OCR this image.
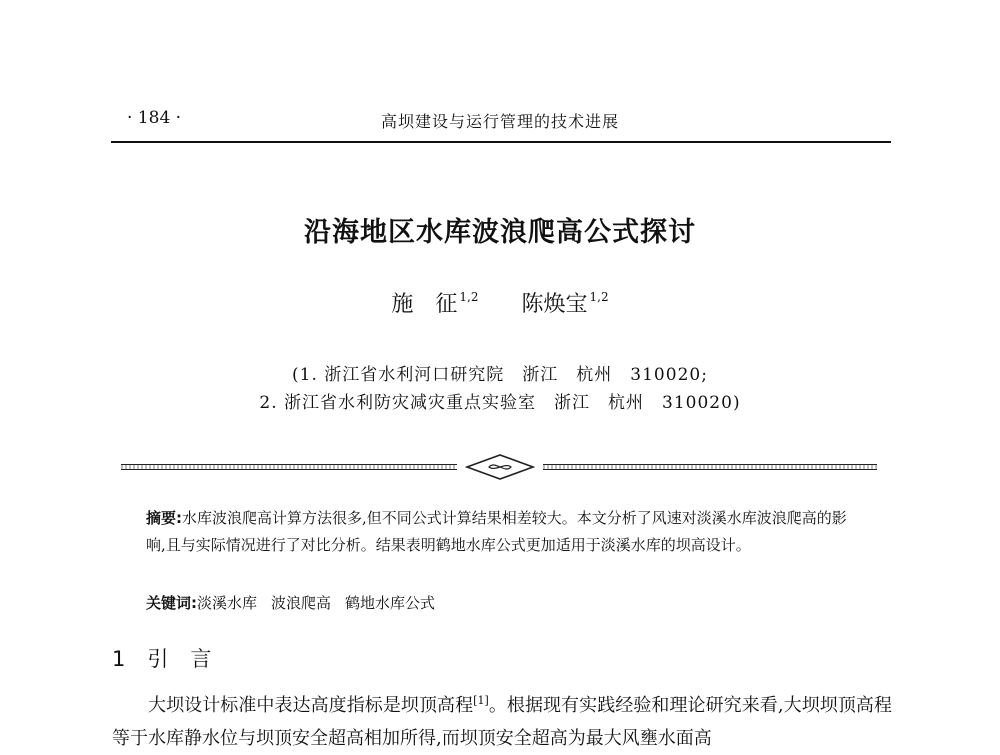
· 184 ·	高坝建设与运行管理的技术进展
沿海地区水库波浪爬高公式探讨
施　征 $^{1,2}$ 陈焕宝 $^{1,2}$
(1. 浙江省水利河口研究院　浙江　杭州　310020;
2. 浙江省水利防灾减灾重点实验室　浙江　杭州　310020)
摘要:水库波浪爬高计算方法很多,但不同公式计算结果相差较大。本文分析了风速对淡溪水库波浪爬高的影响,且与实际情况进行了对比分析。结果表明鹤地水库公式更加适用于淡溪水库的坝高设计。
关键词:淡溪水库 波浪爬高 鹤地水库公式
1 引言
大坝设计标准中表达高度指标是坝顶高程[1]。根据现有实践经验和理论研究来看,大坝坝顶高程等于水库静水位与坝顶安全超高相加所得,而坝顶安全超高为最大风壅水面高
